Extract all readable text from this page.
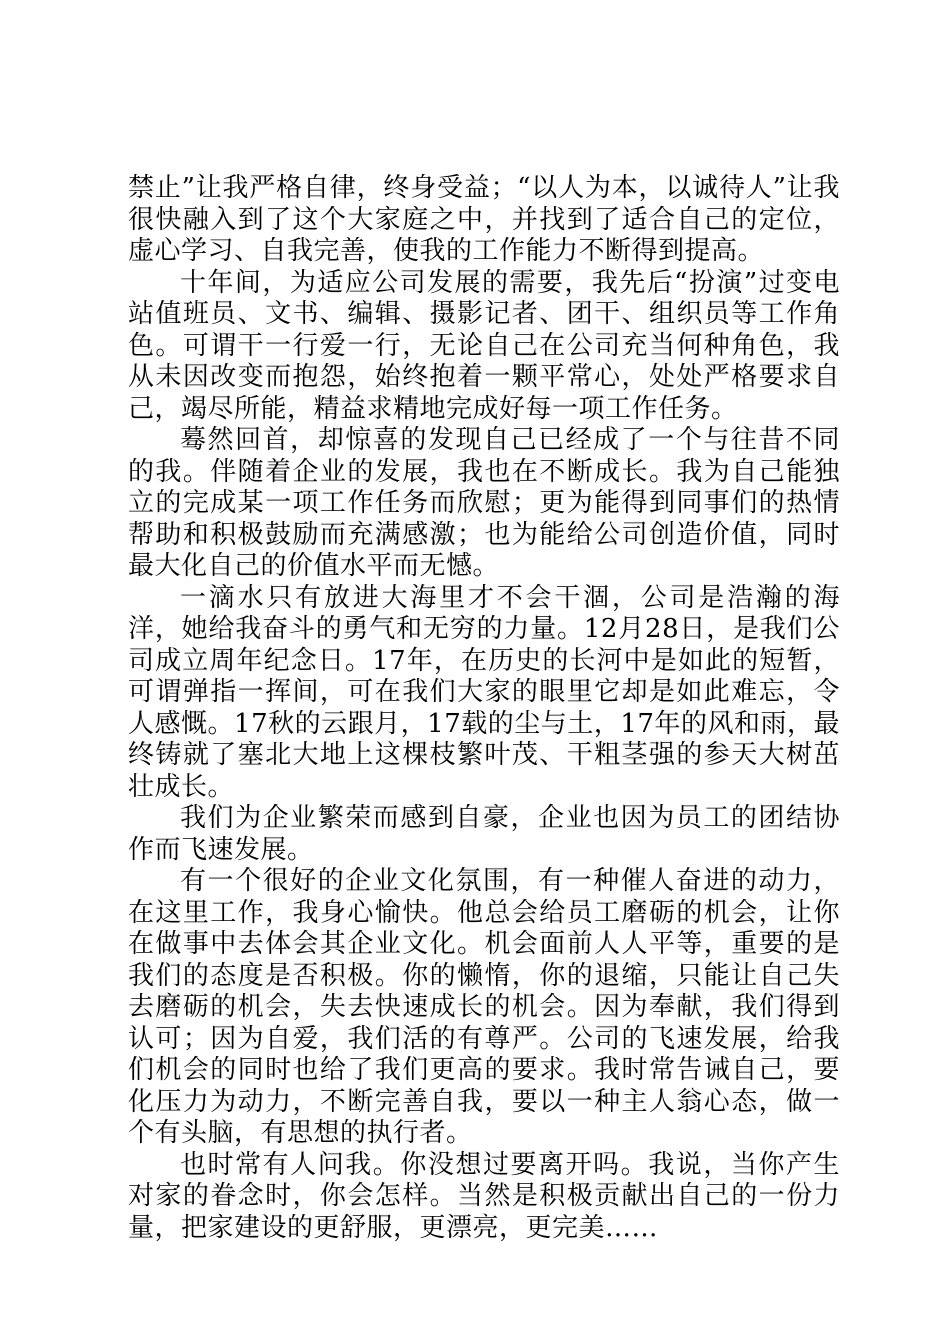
禁止”让我严格自律，终身受益；“以人为本，以诚待人”让我很快融入到了这个大家庭之中，并找到了适合自己的定位，虚心学习、自我完善，使我的工作能力不断得到提高。

十年间，为适应公司发展的需要，我先后“扮演”过变电站值班员、文书、编辑、摄影记者、团干、组织员等工作角色。可谓干一行爱一行，无论自己在公司充当何种角色，我从未因改变而抱怨，始终抱着一颗平常心，处处严格要求自己，竭尽所能，精益求精地完成好每一项工作任务。

蓦然回首，却惊喜的发现自己已经成了一个与往昔不同的我。伴随着企业的发展，我也在不断成长。我为自己能独立的完成某一项工作任务而欣慰；更为能得到同事们的热情帮助和积极鼓励而充满感激；也为能给公司创造价值，同时最大化自己的价值水平而无憾。

一滴水只有放进大海里才不会干涸，公司是浩瀚的海洋，她给我奋斗的勇气和无穷的力量。12月28日，是我们公司成立周年纪念日。17年，在历史的长河中是如此的短暂，可谓弹指一挥间，可在我们大家的眼里它却是如此难忘，令人感慨。17秋的云跟月，17载的尘与土，17年的风和雨，最终铸就了塞北大地上这棵枝繁叶茂、干粗茎强的参天大树茁壮成长。

我们为企业繁荣而感到自豪，企业也因为员工的团结协作而飞速发展。

有一个很好的企业文化氛围，有一种催人奋进的动力，在这里工作，我身心愉快。他总会给员工磨砺的机会，让你在做事中去体会其企业文化。机会面前人人平等，重要的是我们的态度是否积极。你的懒惰，你的退缩，只能让自己失去磨砺的机会，失去快速成长的机会。因为奉献，我们得到认可；因为自爱，我们活的有尊严。公司的飞速发展，给我们机会的同时也给了我们更高的要求。我时常告诫自己，要化压力为动力，不断完善自我，要以一种主人翁心态，做一个有头脑，有思想的执行者。

也时常有人问我。你没想过要离开吗。我说，当你产生对家的眷念时，你会怎样。当然是积极贡献出自己的一份力量，把家建设的更舒服，更漂亮，更完美……
